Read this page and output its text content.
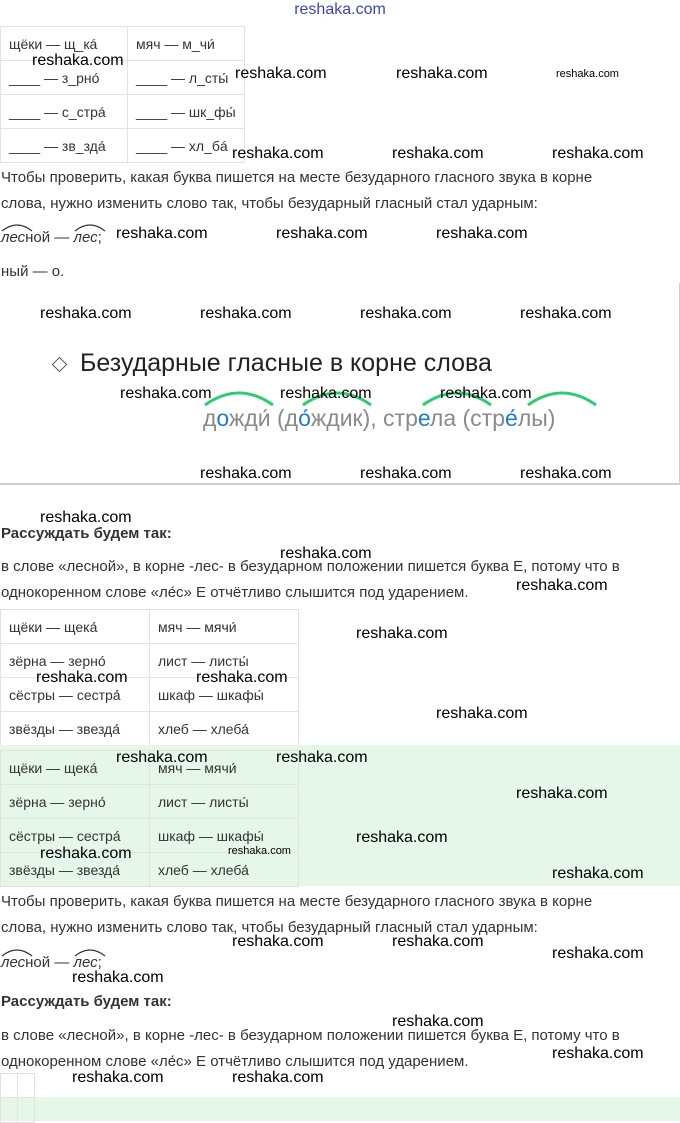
reshaka.com
щёки — щ_кá	мяч — м_чи́
____ — з_рнó	____ — л_сты́
____ — с_стрá	____ — шк_фы́
____ — зв_здá	____ — хл_бá
Чтобы проверить, какая буква пишется на месте безударного гласного звука в корне
слова, нужно изменить слово так, чтобы безударный гласный стал ударным:
лесной —
лес;
ный — о.
Безударные гласные в корне слова
дожди́ (до́ждик), стрела (стре́лы)
Рассуждать будем так:
в слове «лесной», в корне -лес- в безударном положении пишется буква Е, потому что в
однокоренном слове «ле́с» Е отчётливо слышится под ударением.
щёки — щека́	мяч — мячи́
зёрна — зерно́	лист — листы́
сёстры — сестра́	шкаф — шкафы́
звёзды — звезда́	хлеб — хлеба́
щёки — щека́	мяч — мячи́
зёрна — зерно́	лист — листы́
сёстры — сестра́	шкаф — шкафы́
звёзды — звезда́	хлеб — хлеба́
Чтобы проверить, какая буква пишется на месте безударного гласного звука в корне
слова, нужно изменить слово так, чтобы безударный гласный стал ударным:
лесной —
лес;
Рассуждать будем так:
в слове «лесной», в корне -лес- в безударном положении пишется буква Е, потому что в
однокоренном слове «ле́с» Е отчётливо слышится под ударением.
reshaka.com
reshaka.com	reshaka.com	reshaka.com
reshaka.com	reshaka.com	reshaka.com
reshaka.com	reshaka.com	reshaka.com
reshaka.com	reshaka.com	reshaka.com	reshaka.com
reshaka.com	reshaka.com	reshaka.com
reshaka.com	reshaka.com	reshaka.com
reshaka.com
reshaka.com
reshaka.com
reshaka.com
reshaka.com	reshaka.com
reshaka.com
reshaka.com	reshaka.com
reshaka.com
reshaka.com
reshaka.com	reshaka.com
reshaka.com
reshaka.com	reshaka.com
reshaka.com
reshaka.com
reshaka.com
reshaka.com
reshaka.com	reshaka.com
